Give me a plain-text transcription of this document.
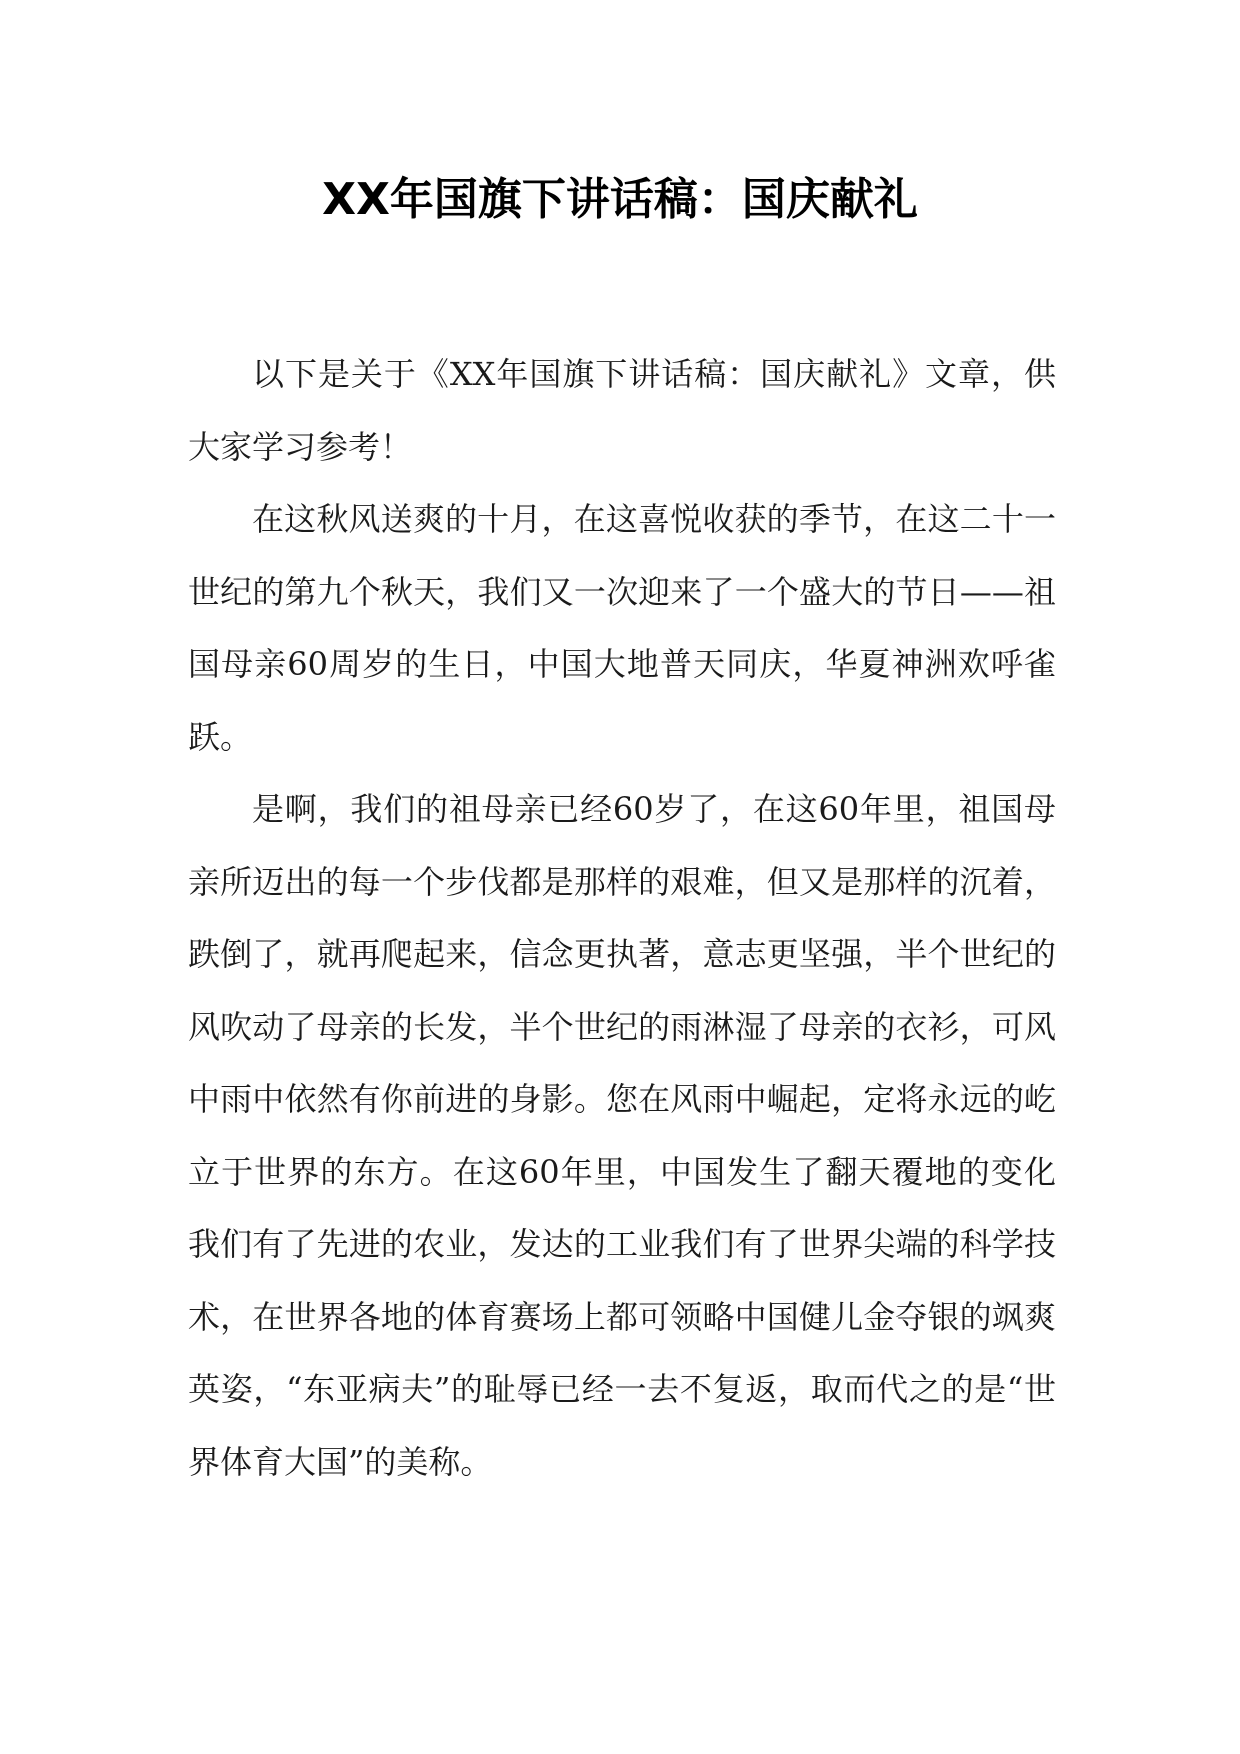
XX年国旗下讲话稿：国庆献礼

以下是关于《XX年国旗下讲话稿：国庆献礼》文章，供大家学习参考！

在这秋风送爽的十月，在这喜悦收获的季节，在这二十一世纪的第九个秋天，我们又一次迎来了一个盛大的节日——祖国母亲60周岁的生日，中国大地普天同庆，华夏神洲欢呼雀跃。

是啊，我们的祖母亲已经60岁了，在这60年里，祖国母亲所迈出的每一个步伐都是那样的艰难，但又是那样的沉着，跌倒了，就再爬起来，信念更执著，意志更坚强，半个世纪的风吹动了母亲的长发，半个世纪的雨淋湿了母亲的衣衫，可风中雨中依然有你前进的身影。您在风雨中崛起，定将永远的屹立于世界的东方。在这60年里，中国发生了翻天覆地的变化我们有了先进的农业，发达的工业我们有了世界尖端的科学技术，在世界各地的体育赛场上都可领略中国健儿金夺银的飒爽英姿，“东亚病夫”的耻辱已经一去不复返，取而代之的是“世界体育大国”的美称。
